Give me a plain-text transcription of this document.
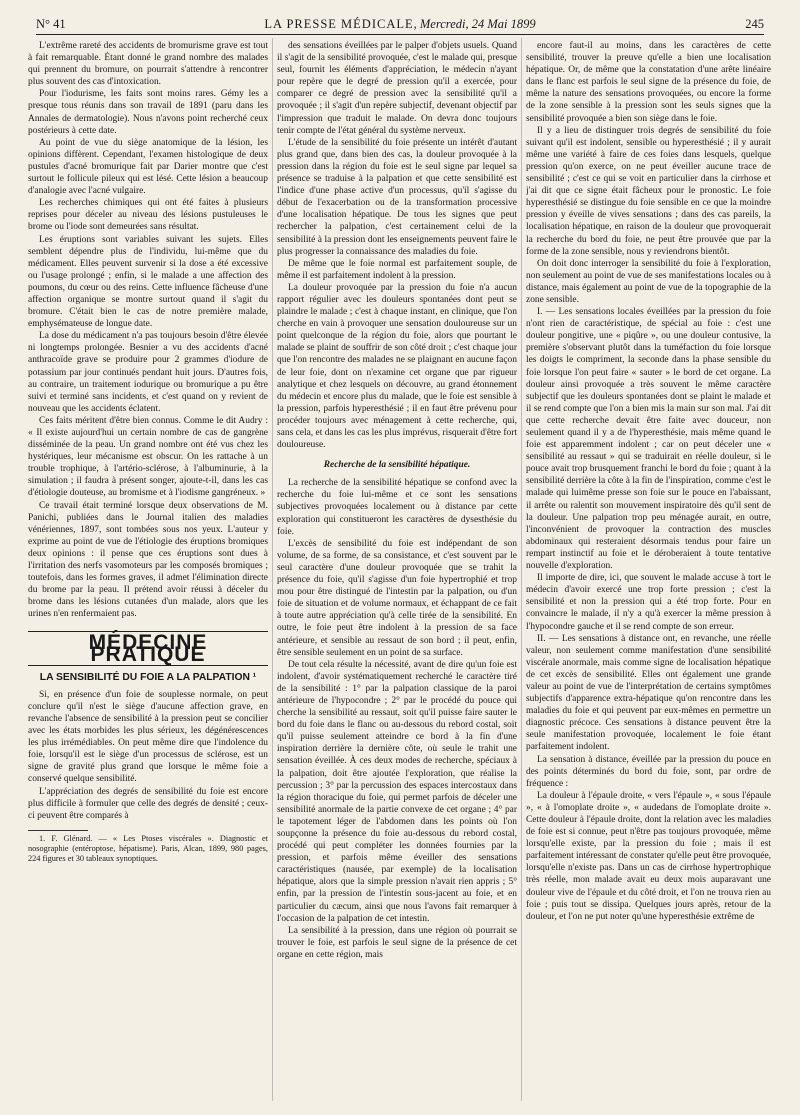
N° 41	LA PRESSE MÉDICALE, Mercredi, 24 Mai 1899	245

L'extrême rareté des accidents de bromurisme grave est tout à fait remarquable. Étant donné le grand nombre des malades qui prennent du bromure, on pourrait s'attendre à rencontrer plus souvent des cas d'intoxication.

Pour l'iodurisme, les faits sont moins rares. Gémy les a presque tous réunis dans son travail de 1891 (paru dans les Annales de dermatologie). Nous n'avons point recherché ceux postérieurs à cette date.

Au point de vue du siège anatomique de la lésion, les opinions diffèrent. Cependant, l'examen histologique de deux pustules d'acné bromurique fait par Darier montre que c'est surtout le follicule pileux qui est lésé. Cette lésion a beaucoup d'analogie avec l'acné vulgaire.

Les recherches chimiques qui ont été faites à plusieurs reprises pour déceler au niveau des lésions pustuleuses le brome ou l'iode sont demeurées sans résultat.

Les éruptions sont variables suivant les sujets. Elles semblent dépendre plus de l'individu, lui-même que du médicament. Elles peuvent survenir si la dose a été excessive ou l'usage prolongé ; enfin, si le malade a une affection des poumons, du cœur ou des reins. Cette influence fâcheuse d'une affection organique se montre surtout quand il s'agit du bromure. C'était bien le cas de notre première malade, emphysémateuse de longue date.

La dose du médicament n'a pas toujours besoin d'être élevée ni longtemps prolongée. Besnier a vu des accidents d'acné anthracoïde grave se produire pour 2 grammes d'iodure de potassium par jour continués pendant huit jours. D'autres fois, au contraire, un traitement iodurique ou bromurique a pu être suivi et terminé sans incidents, et c'est quand on y revient de nouveau que les accidents éclatent.

Ces faits méritent d'être bien connus. Comme le dit Audry : « Il existe aujourd'hui un certain nombre de cas de gangrène disséminée de la peau. Un grand nombre ont été vus chez les hystériques, leur mécanisme est obscur. On les rattache à un trouble trophique, à l'artério-sclérose, à l'albuminurie, à la simulation ; il faudra à présent songer, ajoute-t-il, dans les cas d'étiologie douteuse, au bromisme et à l'iodisme gangréneux. »

Ce travail était terminé lorsque deux observations de M. Panichi, publiées dans le Journal italien des maladies vénériennes, 1897, sont tombées sous nos yeux. L'auteur y exprime au point de vue de l'étiologie des éruptions bromiques deux opinions : il pense que ces éruptions sont dues à l'irritation des nerfs vasomoteurs par les composés bromiques ; toutefois, dans les formes graves, il admet l'élimination directe du brome par la peau. Il prétend avoir réussi à déceler du brome dans les lésions cutanées d'un malade, alors que les urines n'en renfermaient pas.

MÉDECINE PRATIQUE
LA SENSIBILITÉ DU FOIE A LA PALPATION ¹

Si, en présence d'un foie de souplesse normale, on peut conclure qu'il n'est le siège d'aucune affection grave, en revanche l'absence de sensibilité à la pression peut se concilier avec les états morbides les plus sérieux, les dégénérescences les plus irrémédiables. On peut même dire que l'indolence du foie, lorsqu'il est le siège d'un processus de sclérose, est un signe de gravité plus grand que lorsque le même foie a conservé quelque sensibilité.

L'appréciation des degrés de sensibilité du foie est encore plus difficile à formuler que celle des degrés de densité ; ceux-ci peuvent être comparés à

1. F. Glénard. — « Les Ptoses viscérales ». Diagnostic et nosographie (entéroptose, hépatisme). Paris, Alcan, 1899, 980 pages, 224 figures et 30 tableaux synoptiques.

des sensations éveillées par le palper d'objets usuels. Quand il s'agit de la sensibilité provoquée, c'est le malade qui, presque seul, fournit les éléments d'appréciation, le médecin n'ayant pour repère que le degré de pression qu'il a exercée, pour comparer ce degré de pression avec la sensibilité qu'il a provoquée ; il s'agit d'un repère subjectif, devenant objectif par l'impression que traduit le malade. On devra donc toujours tenir compte de l'état général du système nerveux.

L'étude de la sensibilité du foie présente un intérêt d'autant plus grand que, dans bien des cas, la douleur provoquée à la pression dans la région du foie est le seul signe par lequel sa présence se traduise à la palpation et que cette sensibilité est l'indice d'une phase active d'un processus, qu'il s'agisse du début de l'exacerbation ou de la transformation processive d'une localisation hépatique. De tous les signes que peut rechercher la palpation, c'est certainement celui de la sensibilité à la pression dont les enseignements peuvent faire le plus progresser la connaissance des maladies du foie.

De même que le foie normal est parfaitement souple, de même il est parfaitement indolent à la pression.

La douleur provoquée par la pression du foie n'a aucun rapport régulier avec les douleurs spontanées dont peut se plaindre le malade ; c'est à chaque instant, en clinique, que l'on cherche en vain à provoquer une sensation douloureuse sur un point quelconque de la région du foie, alors que pourtant le malade se plaint de souffrir de son côté droit ; c'est chaque jour que l'on rencontre des malades ne se plaignant en aucune façon de leur foie, dont on n'examine cet organe que par rigueur analytique et chez lesquels on découvre, au grand étonnement du médecin et encore plus du malade, que le foie est sensible à la pression, parfois hyperesthésié ; il en faut être prévenu pour procéder toujours avec ménagement à cette recherche, qui, sans cela, et dans les cas les plus imprévus, risquerait d'être fort douloureuse.

Recherche de la sensibilité hépatique.

La recherche de la sensibilité hépatique se confond avec la recherche du foie lui-même et ce sont les sensations subjectives provoquées localement ou à distance par cette exploration qui constitueront les caractères de dysesthésie du foie.

L'excès de sensibilité du foie est indépendant de son volume, de sa forme, de sa consistance, et c'est souvent par le seul caractère d'une douleur provoquée que se trahit la présence du foie, qu'il s'agisse d'un foie hypertrophié et trop mou pour être distingué de l'intestin par la palpation, ou d'un foie de situation et de volume normaux, et échappant de ce fait à toute autre appréciation qu'à celle tirée de la sensibilité. En outre, le foie peut être indolent à la pression de sa face antérieure, et sensible au ressaut de son bord ; il peut, enfin, être sensible seulement en un point de sa surface.

De tout cela résulte la nécessité, avant de dire qu'un foie est indolent, d'avoir systématiquement recherché le caractère tiré de la sensibilité : 1° par la palpation classique de la paroi antérieure de l'hypocondre ; 2° par le procédé du pouce qui cherche la sensibilité au ressaut, soit qu'il puisse faire sauter le bord du foie dans le flanc ou au-dessous du rebord costal, soit qu'il puisse seulement atteindre ce bord à la fin d'une inspiration derrière la dernière côte, où seule le trahit une sensation éveillée. À ces deux modes de recherche, spéciaux à la palpation, doit être ajoutée l'exploration, que réalise la percussion ; 3° par la percussion des espaces intercostaux dans la région thoracique du foie, qui permet parfois de déceler une sensibilité anormale de la partie convexe de cet organe ; 4° par le tapotement léger de l'abdomen dans les points où l'on soupçonne la présence du foie au-dessous du rebord costal, procédé qui peut compléter les données fournies par la pression, et parfois même éveiller des sensations caractéristiques (nausée, par exemple) de la localisation hépatique, alors que la simple pression n'avait rien appris ; 5° enfin, par la pression de l'intestin sous-jacent au foie, et en particulier du cæcum, ainsi que nous l'avons fait remarquer à l'occasion de la palpation de cet intestin.

La sensibilité à la pression, dans une région où pourrait se trouver le foie, est parfois le seul signe de la présence de cet organe en cette région, mais

encore faut-il au moins, dans les caractères de cette sensibilité, trouver la preuve qu'elle a bien une localisation hépatique. Or, de même que la constatation d'une arête linéaire dans le flanc est parfois le seul signe de la présence du foie, de même la nature des sensations provoquées, ou encore la forme de la zone sensible à la pression sont les seuls signes que la sensibilité provoquée a bien son siège dans le foie.

Il y a lieu de distinguer trois degrés de sensibilité du foie suivant qu'il est indolent, sensible ou hyperesthésié ; il y aurait même une variété à faire de ces foies dans lesquels, quelque pression qu'on exerce, on ne peut éveiller aucune trace de sensibilité ; c'est ce qui se voit en particulier dans la cirrhose et j'ai dit que ce signe était fâcheux pour le pronostic. Le foie hyperesthésié se distingue du foie sensible en ce que la moindre pression y éveille de vives sensations ; dans des cas pareils, la localisation hépatique, en raison de la douleur que provoquerait la recherche du bord du foie, ne peut être prouvée que par la forme de la zone sensible, nous y reviendrons bientôt.

On doit donc interroger la sensibilité du foie à l'exploration, non seulement au point de vue de ses manifestations locales ou à distance, mais également au point de vue de la topographie de la zone sensible.

I. — Les sensations locales éveillées par la pression du foie n'ont rien de caractéristique, de spécial au foie : c'est une douleur pongitive, une « piqûre », ou une douleur contusive, la première s'observant plutôt dans la tuméfaction du foie lorsque les doigts le compriment, la seconde dans la phase sensible du foie lorsque l'on peut faire « sauter » le bord de cet organe. La douleur ainsi provoquée a très souvent le même caractère subjectif que les douleurs spontanées dont se plaint le malade et il se rend compte que l'on a bien mis la main sur son mal. J'ai dit que cette recherche devait être faite avec douceur, non seulement quand il y a de l'hyperesthésie, mais même quand le foie est apparemment indolent ; car on peut déceler une « sensibilité au ressaut » qui se traduirait en réelle douleur, si le pouce avait trop brusquement franchi le bord du foie ; quant à la sensibilité derrière la côte à la fin de l'inspiration, comme c'est le malade qui luimême presse son foie sur le pouce en l'abaissant, il arrête ou ralentit son mouvement inspiratoire dès qu'il sent de la douleur. Une palpation trop peu ménagée aurait, en outre, l'inconvénient de provoquer la contraction des muscles abdominaux qui resteraient désormais tendus pour faire un rempart instinctif au foie et le déroberaient à toute tentative nouvelle d'exploration.

Il importe de dire, ici, que souvent le malade accuse à tort le médecin d'avoir exercé une trop forte pression ; c'est la sensibilité et non la pression qui a été trop forte. Pour en convaincre le malade, il n'y a qu'à exercer la même pression à l'hypocondre gauche et il se rend compte de son erreur.

II. — Les sensations à distance ont, en revanche, une réelle valeur, non seulement comme manifestation d'une sensibilité viscérale anormale, mais comme signe de localisation hépatique de cet excès de sensibilité. Elles ont également une grande valeur au point de vue de l'interprétation de certains symptômes subjectifs d'apparence extra-hépatique qu'on rencontre dans les maladies du foie et qui peuvent par eux-mêmes en permettre un diagnostic précoce. Ces sensations à distance peuvent être la seule manifestation provoquée, localement le foie étant parfaitement indolent.

La sensation à distance, éveillée par la pression du pouce en des points déterminés du bord du foie, sont, par ordre de fréquence :

La douleur à l'épaule droite, « vers l'épaule », « sous l'épaule », « à l'omoplate droite », « audedans de l'omoplate droite ». Cette douleur à l'épaule droite, dont la relation avec les maladies de foie est si connue, peut n'être pas toujours provoquée, même lorsqu'elle existe, par la pression du foie ; mais il est parfaitement intéressant de constater qu'elle peut être provoquée, lorsqu'elle n'existe pas. Dans un cas de cirrhose hypertrophique très réelle, mon malade avait eu deux mois auparavant une douleur vive de l'épaule et du côté droit, et l'on ne trouva rien au foie ; puis tout se dissipa. Quelques jours après, retour de la douleur, et l'on ne put noter qu'une hyperesthésie extrême de
